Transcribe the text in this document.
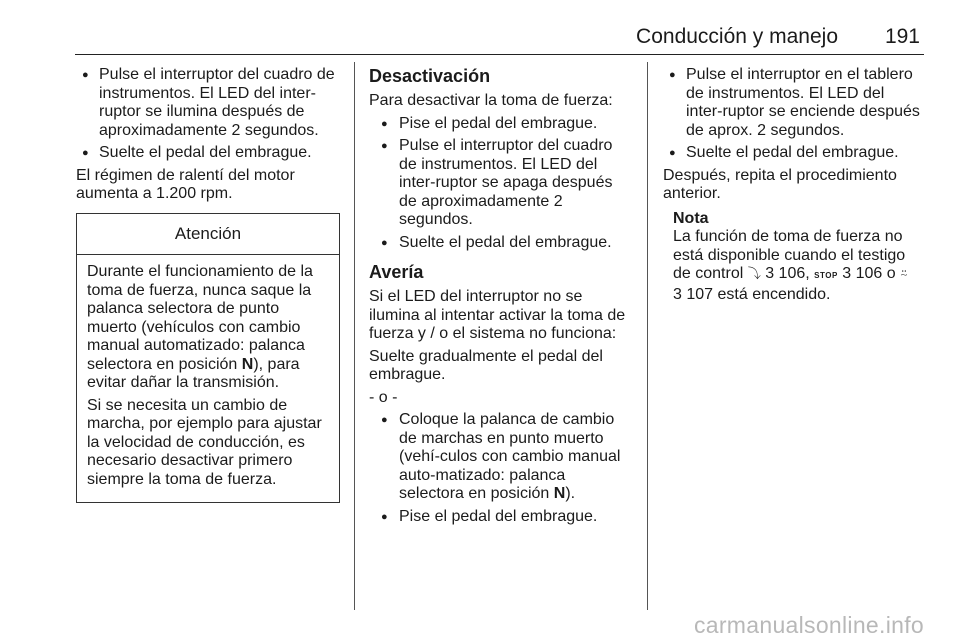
Conducción y manejo 191
● Pulse el interruptor del cuadro de instrumentos. El LED del inter-ruptor se ilumina después de aproximadamente 2 segundos.
● Suelte el pedal del embrague.

El régimen de ralentí del motor aumenta a 1.200 rpm.

Atención

Durante el funcionamiento de la toma de fuerza, nunca saque la palanca selectora de punto muerto (vehículos con cambio manual automatizado: palanca selectora en posición N), para evitar dañar la transmisión.

Si se necesita un cambio de marcha, por ejemplo para ajustar la velocidad de conducción, es necesario desactivar primero siempre la toma de fuerza.

Desactivación

Para desactivar la toma de fuerza:

● Pise el pedal del embrague.
● Pulse el interruptor del cuadro de instrumentos. El LED del inter-ruptor se apaga después de aproximadamente 2 segundos.
● Suelte el pedal del embrague.
Avería

Si el LED del interruptor no se ilumina al intentar activar la toma de fuerza y / o el sistema no funciona:

Suelte gradualmente el pedal del embrague.

- o -

● Coloque la palanca de cambio de marchas en punto muerto (vehí-culos con cambio manual auto-matizado: palanca selectora en posición N).
● Pise el pedal del embrague.
● Pulse el interruptor en el tablero de instrumentos. El LED del inter-ruptor se enciende después de aprox. 2 segundos.
● Suelte el pedal del embrague.

Después, repita el procedimiento anterior.

Nota
La función de toma de fuerza no está disponible cuando el testigo de control ⤵ 3 106, STOP 3 106 o ⍨
3 107 está encendido.
carmanualsonline.info
